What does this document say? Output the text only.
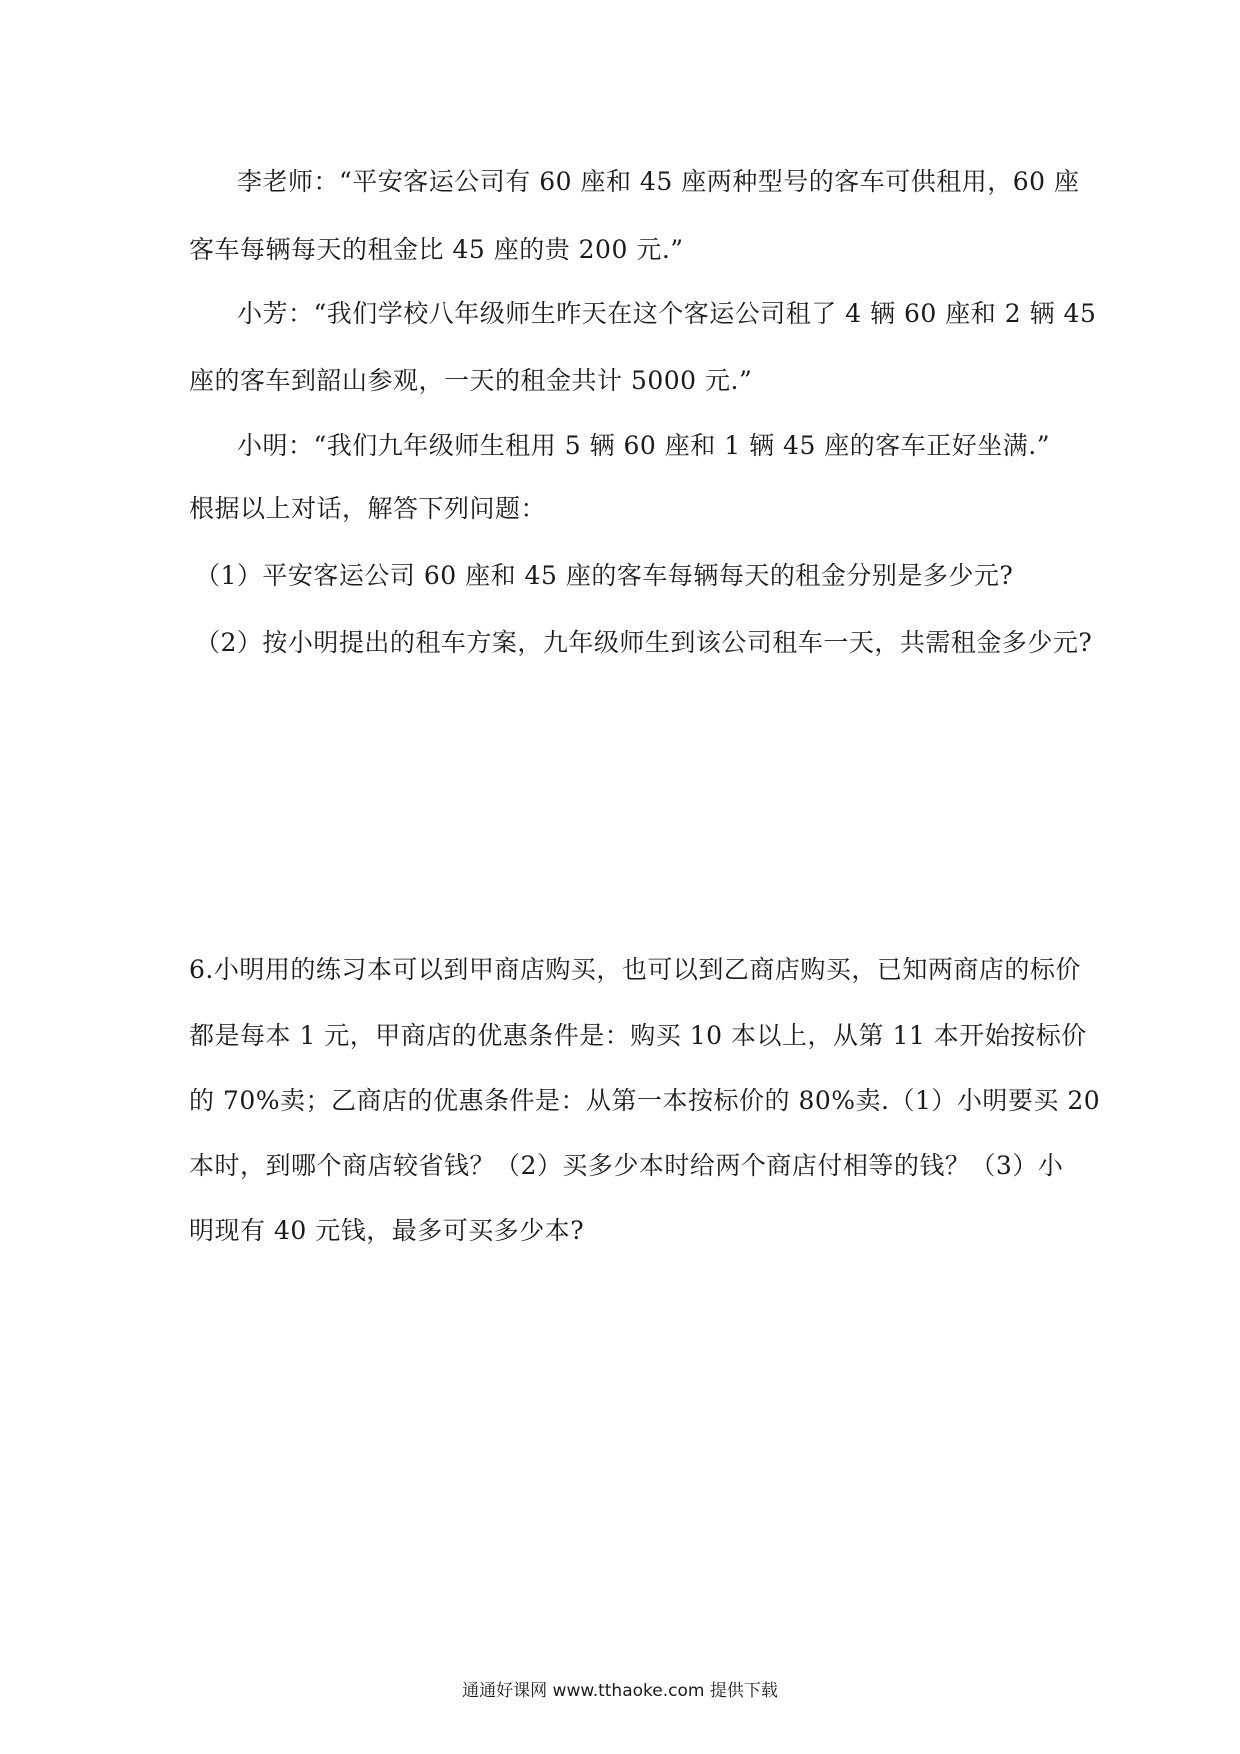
李老师：“平安客运公司有 60 座和 45 座两种型号的客车可供租用，60 座
客车每辆每天的租金比 45 座的贵 200 元.”
小芳：“我们学校八年级师生昨天在这个客运公司租了 4 辆 60 座和 2 辆 45
座的客车到韶山参观，一天的租金共计 5000 元.”
小明：“我们九年级师生租用 5 辆 60 座和 1 辆 45 座的客车正好坐满.”
根据以上对话，解答下列问题：
（1）平安客运公司 60 座和 45 座的客车每辆每天的租金分别是多少元?
（2）按小明提出的租车方案，九年级师生到该公司租车一天，共需租金多少元?
6.小明用的练习本可以到甲商店购买，也可以到乙商店购买，已知两商店的标价
都是每本 1 元，甲商店的优惠条件是：购买 10 本以上，从第 11 本开始按标价
的 70%卖；乙商店的优惠条件是：从第一本按标价的 80%卖.（1）小明要买 20
本时，到哪个商店较省钱？（2）买多少本时给两个商店付相等的钱？（3）小
明现有 40 元钱，最多可买多少本?
通通好课网 www.tthaoke.com 提供下载
